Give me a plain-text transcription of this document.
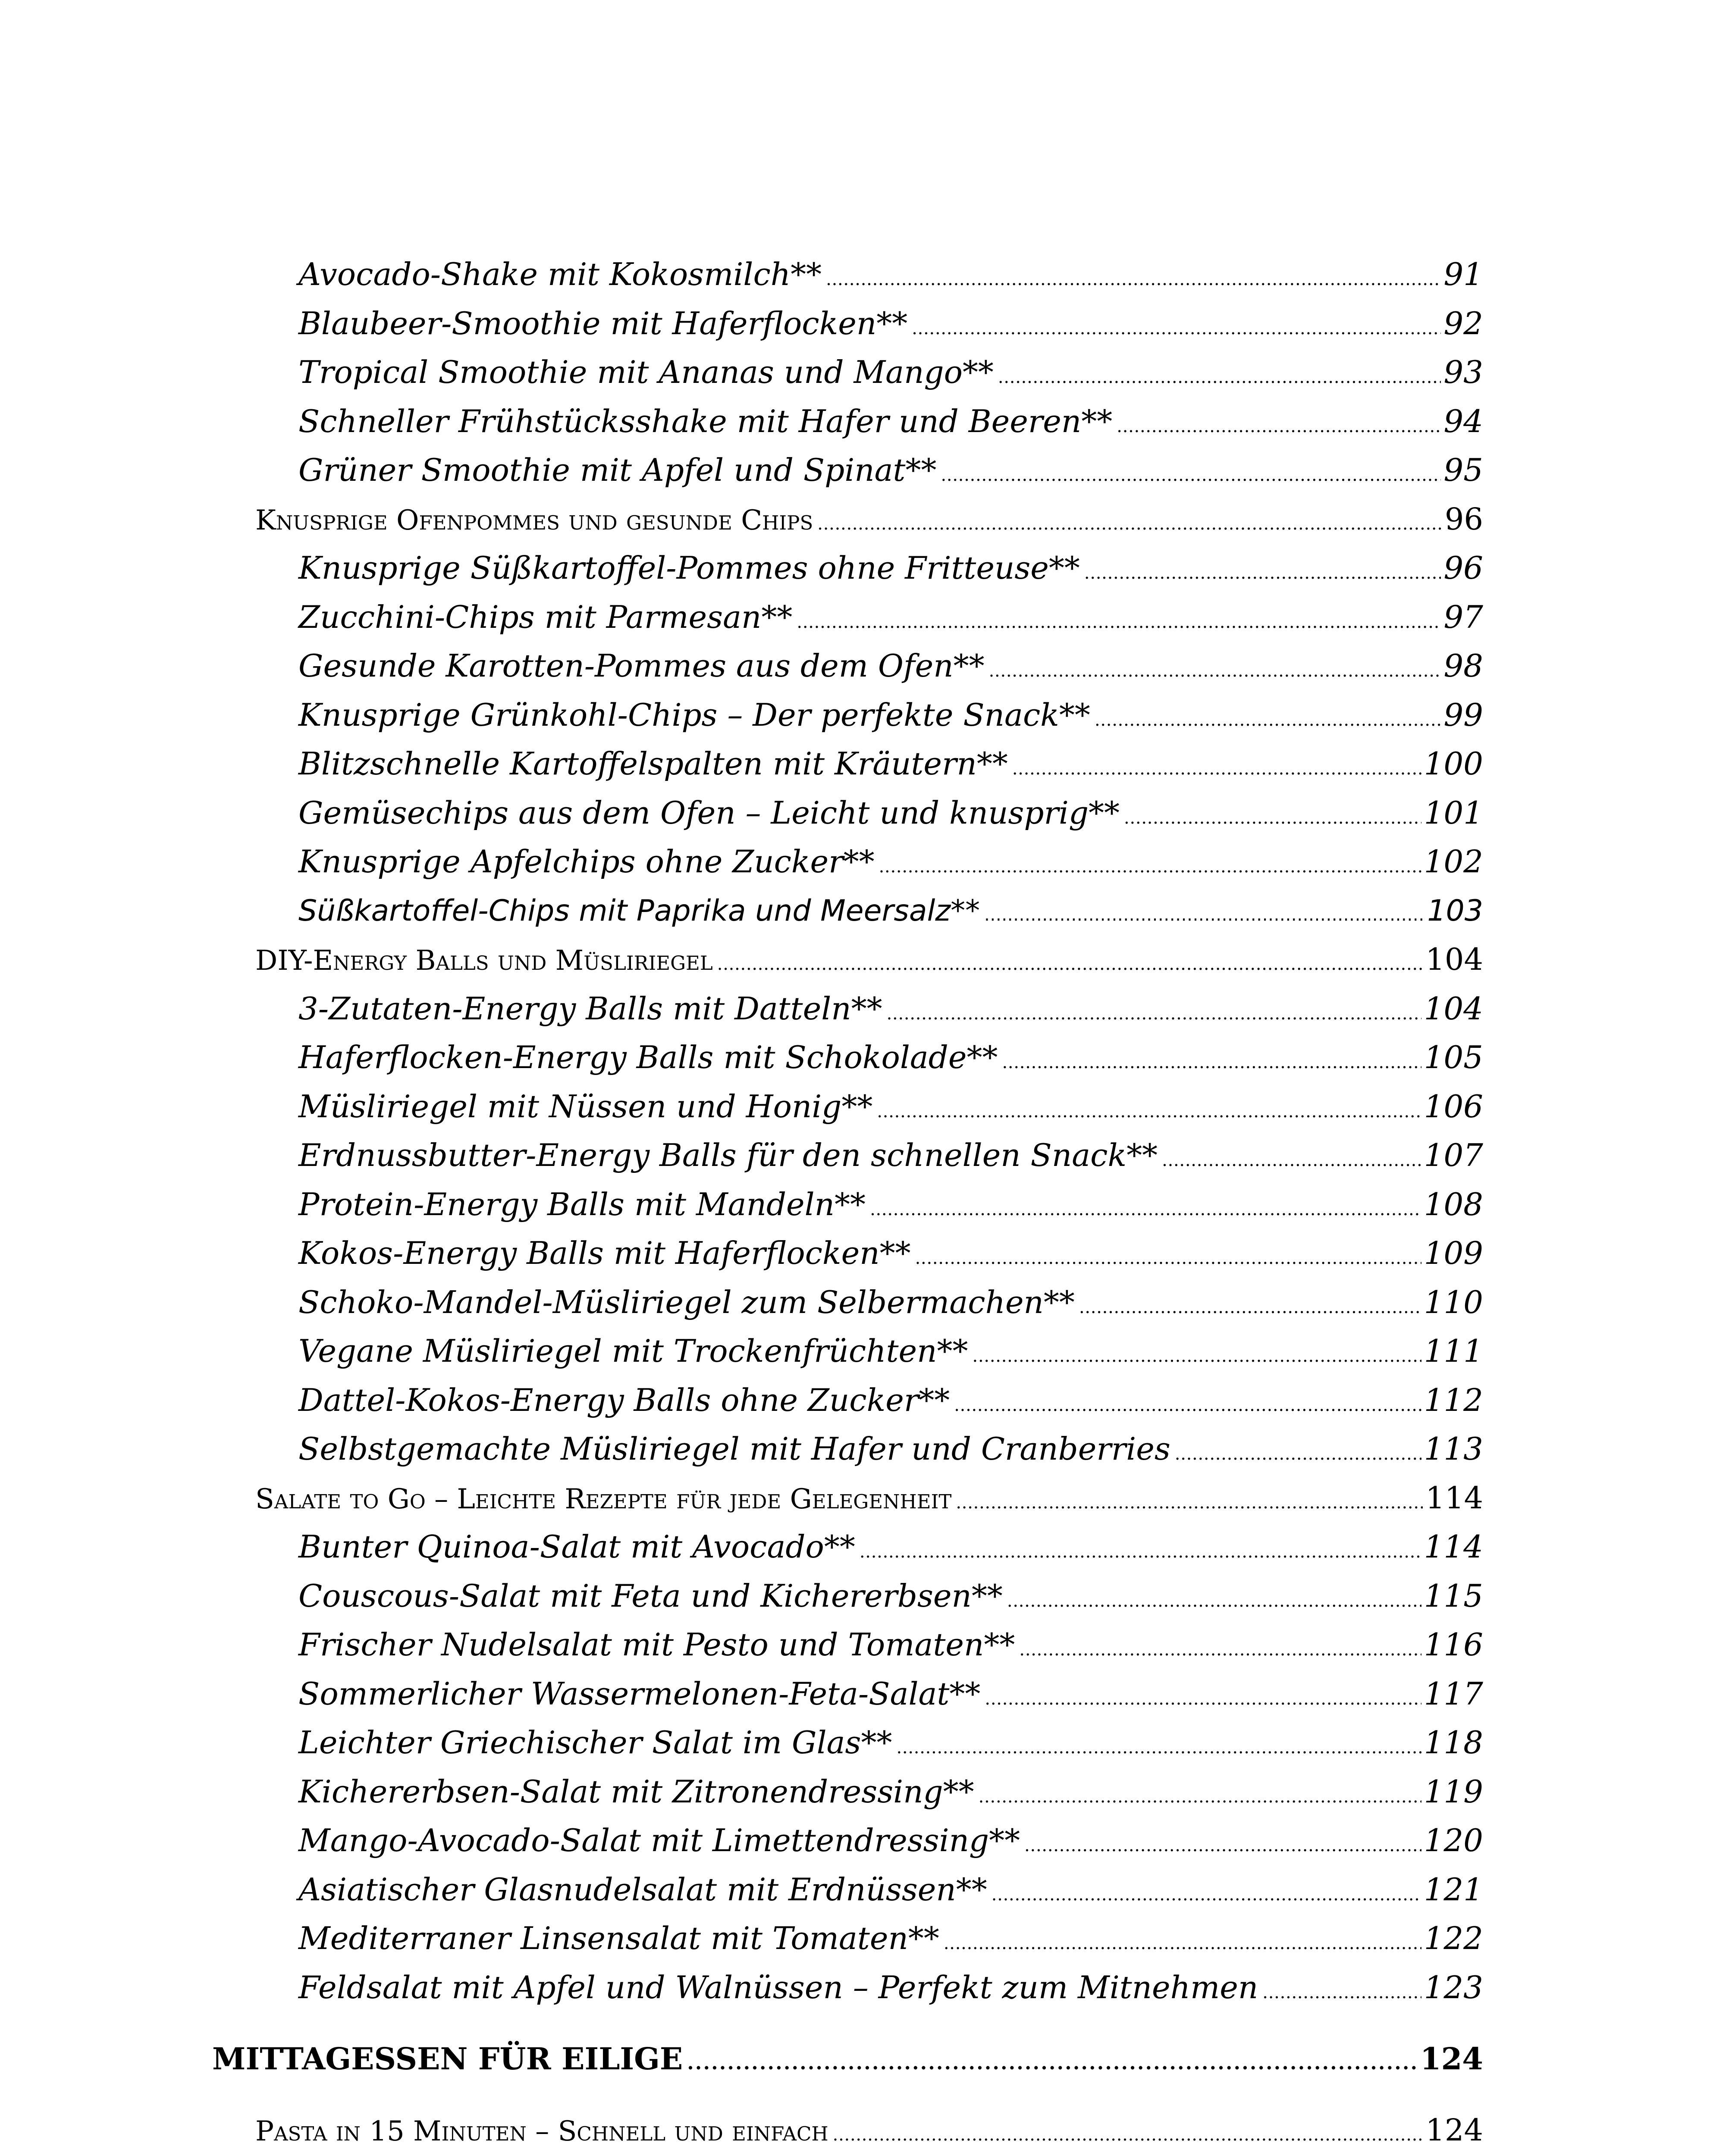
Avocado-Shake mit Kokosmilch** . . .	91
Blaubeer-Smoothie mit Haferflocken** . . .	92
Tropical Smoothie mit Ananas und Mango** . . .	93
Schneller Frühstücksshake mit Hafer und Beeren** . . .	94
Grüner Smoothie mit Apfel und Spinat** . . .	95
Knusprige Ofenpommes und gesunde Chips . . .	96
Knusprige Süßkartoffel-Pommes ohne Fritteuse** . . .	96
Zucchini-Chips mit Parmesan** . . .	97
Gesunde Karotten-Pommes aus dem Ofen** . . .	98
Knusprige Grünkohl-Chips – Der perfekte Snack** . . .	99
Blitzschnelle Kartoffelspalten mit Kräutern** . . .	100
Gemüsechips aus dem Ofen – Leicht und knusprig** . . .	101
Knusprige Apfelchips ohne Zucker** . . .	102
Süßkartoffel-Chips mit Paprika und Meersalz** . . .	103
DIY-Energy Balls und Müsliriegel . . .	104
3-Zutaten-Energy Balls mit Datteln** . . .	104
Haferflocken-Energy Balls mit Schokolade** . . .	105
Müsliriegel mit Nüssen und Honig** . . .	106
Erdnussbutter-Energy Balls für den schnellen Snack** . . .	107
Protein-Energy Balls mit Mandeln** . . .	108
Kokos-Energy Balls mit Haferflocken** . . .	109
Schoko-Mandel-Müsliriegel zum Selbermachen** . . .	110
Vegane Müsliriegel mit Trockenfrüchten** . . .	111
Dattel-Kokos-Energy Balls ohne Zucker** . . .	112
Selbstgemachte Müsliriegel mit Hafer und Cranberries . . .	113
Salate to Go – Leichte Rezepte für jede Gelegenheit . . .	114
Bunter Quinoa-Salat mit Avocado** . . .	114
Couscous-Salat mit Feta und Kichererbsen** . . .	115
Frischer Nudelsalat mit Pesto und Tomaten** . . .	116
Sommerlicher Wassermelonen-Feta-Salat** . . .	117
Leichter Griechischer Salat im Glas** . . .	118
Kichererbsen-Salat mit Zitronendressing** . . .	119
Mango-Avocado-Salat mit Limettendressing** . . .	120
Asiatischer Glasnudelsalat mit Erdnüssen** . . .	121
Mediterraner Linsensalat mit Tomaten** . . .	122
Feldsalat mit Apfel und Walnüssen – Perfekt zum Mitnehmen . . .	123
MITTAGESSEN FÜR EILIGE . . .	124
Pasta in 15 Minuten – Schnell und einfach . . .	124
. . .
